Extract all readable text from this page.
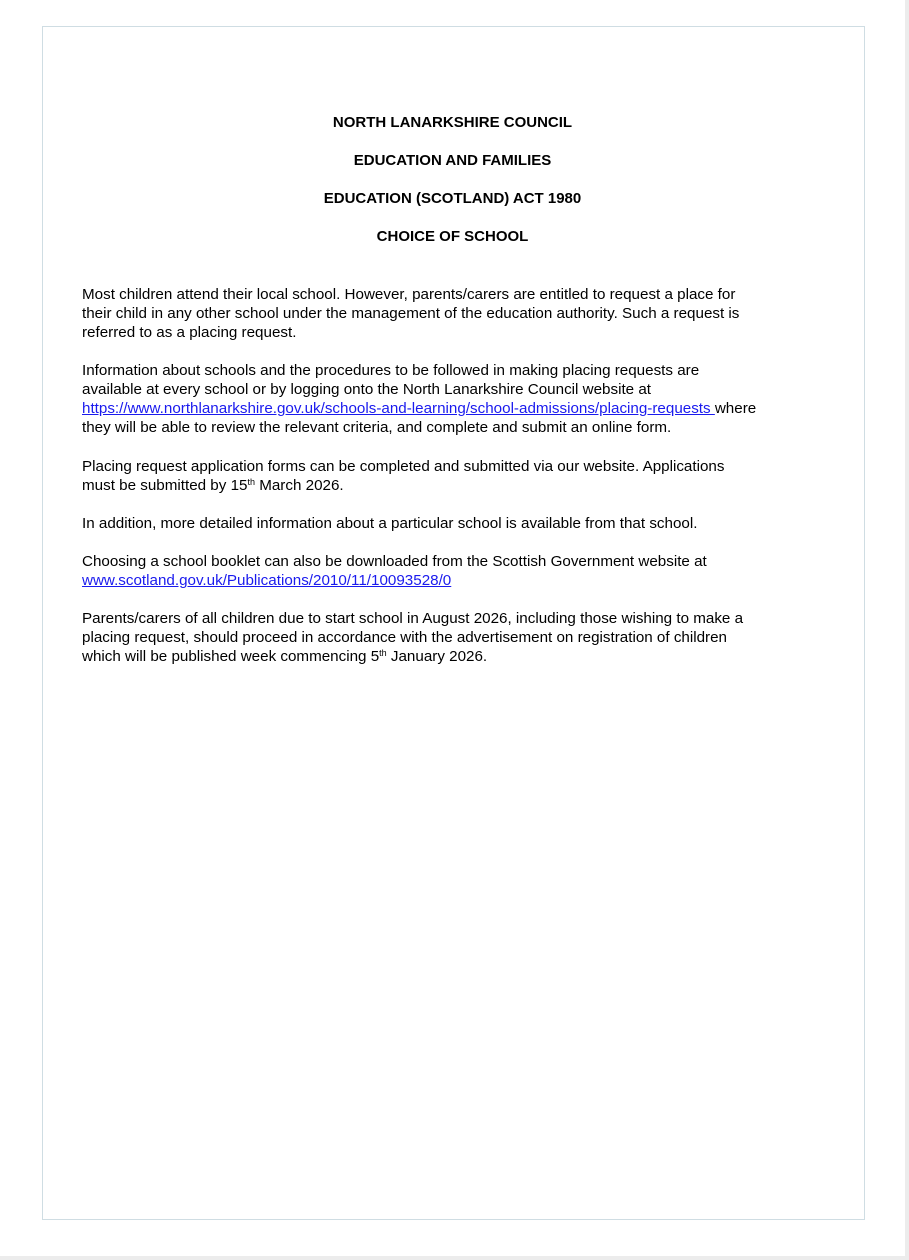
NORTH LANARKSHIRE COUNCIL
EDUCATION AND FAMILIES
EDUCATION (SCOTLAND) ACT 1980
CHOICE OF SCHOOL
Most children attend their local school. However, parents/carers are entitled to request a place for
their child in any other school under the management of the education authority. Such a request is
referred to as a placing request.
Information about schools and the procedures to be followed in making placing requests are
available at every school or by logging onto the North Lanarkshire Council website at
https://www.northlanarkshire.gov.uk/schools-and-learning/school-admissions/placing-requests where
they will be able to review the relevant criteria, and complete and submit an online form.
Placing request application forms can be completed and submitted via our website. Applications
must be submitted by 15th March 2026.
In addition, more detailed information about a particular school is available from that school.
Choosing a school booklet can also be downloaded from the Scottish Government website at
www.scotland.gov.uk/Publications/2010/11/10093528/0
Parents/carers of all children due to start school in August 2026, including those wishing to make a
placing request, should proceed in accordance with the advertisement on registration of children
which will be published week commencing 5th January 2026.
